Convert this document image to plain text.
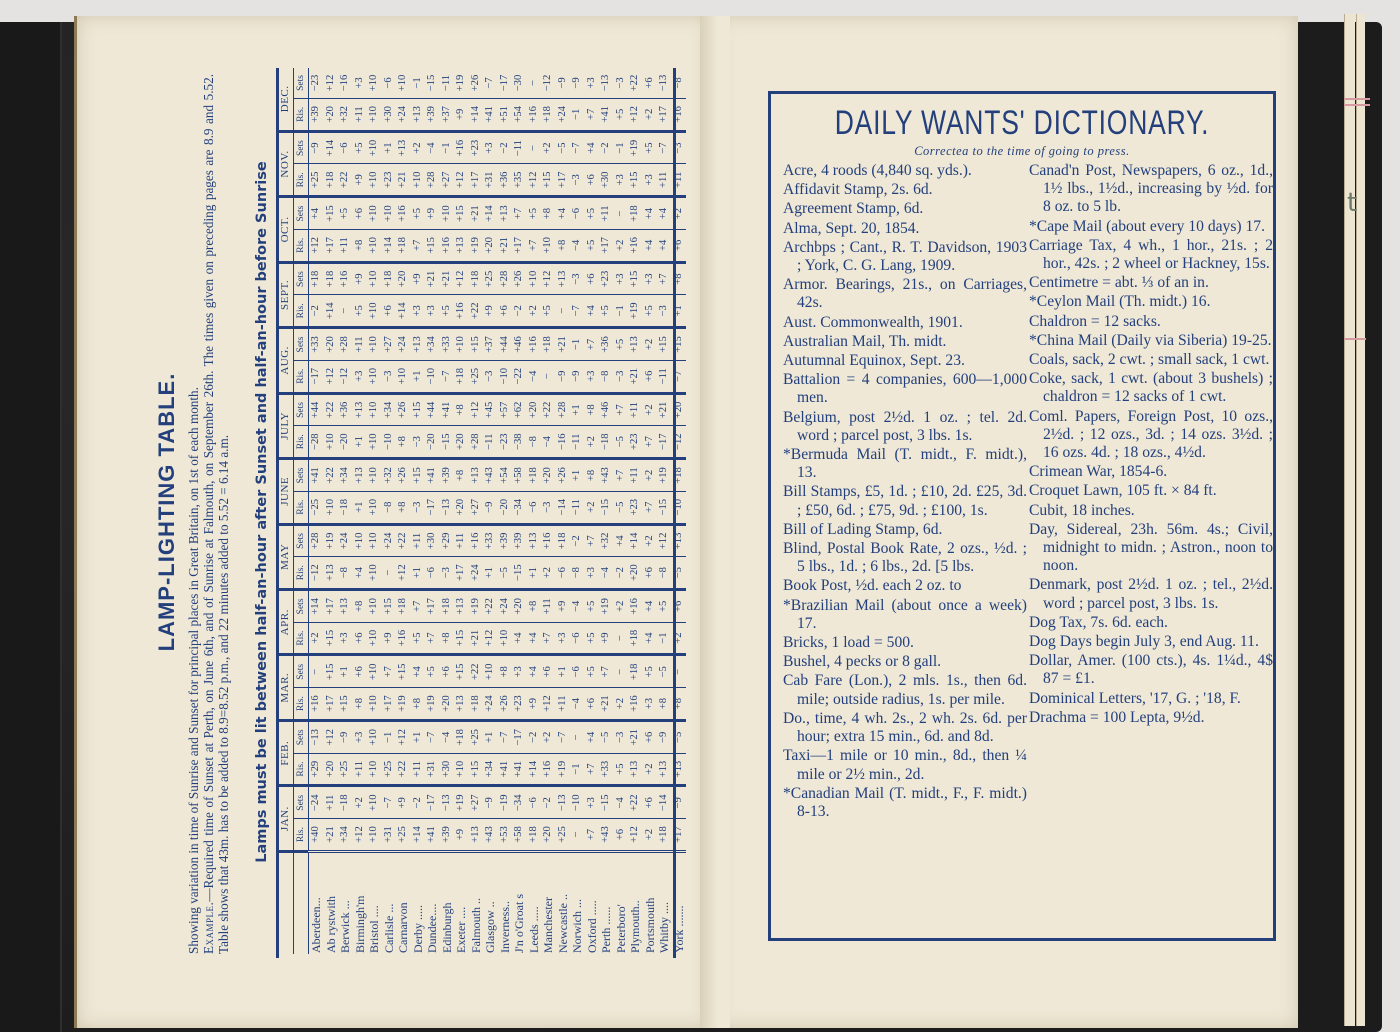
t
LAMP-LIGHTING TABLE. Showing variation in time of Sunrise and Sunset for principal places in Great Britain, on 1st of each month.
Example.—Required time of Sunset at Perth, on June 6th, and of Sunrise at Falmouth, on September 26th. The times given on preceding pages are 8.9 and 5.52. Table shows that 43m. has to be added to 8.9=8.52 p.m., and 22 minutes added to 5.52 = 6.14 a.m. Lamps must be lit between half-an-hour after Sunset and half-an-hour before Sunrise
	JAN.		FEB.		MAR.		APR.		MAY		JUNE		JULY		AUG.		SEPT.		OCT.		NOV.		DEC.	
	Ris.	Sets	Ris.	Sets	Ris.	Sets	Ris.	Sets	Ris.	Sets	Ris.	Sets	Ris.	Sets	Ris.	Sets	Ris.	Sets	Ris.	Sets	Ris.	Sets	Ris.	Sets
Aberdeen...	+40	−24	+29	−13	+16	−	+2	+14	−12	+28	−25	+41	−28	+44	−17	+33	−2	+18	+12	+4	+25	−9	+39	−23
Ab rystwith	+21	+11	+20	+12	+17	+15	+15	+17	+13	+19	+10	+22	+10	+22	+12	+20	+14	+18	+17	+15	+18	+14	+20	+12
Berwick ...	+34	−18	+25	−9	+15	+1	+3	+13	−8	+24	−18	+34	−20	+36	−12	+28	−	+16	+11	+5	+22	−6	+32	−16
Birmingh'm	+12	+2	+11	+3	+8	+6	+6	+8	+4	+10	+1	+13	+1	+13	+3	+11	+5	+9	+8	+6	+9	+5	+11	+3
Bristol ....	+10	+10	+10	+10	+10	+10	+10	+10	+10	+10	+10	+10	+10	+10	+10	+10	+10	+10	+10	+10	+10	+10	+10	+10
Carlisle ...	+31	−7	+25	−1	+17	+7	+9	+15	−	+24	−8	+32	−10	+34	−3	+27	+6	+18	+14	+10	+23	+1	+30	−6
Carnarvon	+25	+9	+22	+12	+19	+15	+16	+18	+12	+22	+8	+26	+8	+26	+10	+24	+14	+20	+18	+16	+21	+13	+24	+10
Derby .....	+14	−2	+11	+1	+8	+4	+5	+7	+1	+11	−3	+15	−3	+15	+1	+13	+3	+9	+7	+5	+10	+2	+13	−1
Dundee....	+41	−17	+31	−7	+19	+5	+7	+17	−6	+30	−17	+41	−20	+44	−10	+34	+3	+21	+15	+9	+28	−4	+39	−15
Edinburgh	+39	−13	+30	−4	+20	+6	+8	+18	−3	+29	−13	+39	−15	+41	−7	+33	+5	+21	+16	+10	+27	−1	+37	−11
Exeter ....	+9	+19	+10	+18	+13	+15	+15	+13	+17	+11	+20	+8	+20	+8	+18	+10	+16	+12	+13	+15	+12	+16	+9	+19
Falmouth ..	+13	+27	+15	+25	+18	+22	+21	+19	+24	+16	+27	+13	+28	+12	+25	+15	+22	+18	+19	+21	+17	+23	+14	+26
Glasgow ..	+43	−9	+34	+1	+24	+10	+12	+22	+1	+33	−9	+43	−11	+45	−3	+37	+9	+25	+20	+14	+31	+3	+41	−7
Inverness..	+53	−19	+41	−7	+26	+8	+10	+24	−5	+39	−20	+54	−23	+57	−10	+44	+6	+28	+21	+13	+36	−2	+51	−17
J'n o'Groat s	+58	−34	+41	−17	+23	+3	+4	+20	−15	+39	−34	+58	−38	+62	−22	+46	−2	+26	+17	+7	+35	−11	+54	−30
Leeds .....	+18	−6	+14	−2	+9	+4	+4	+8	+1	+13	−6	+18	−8	+20	−4	+16	+2	+10	+7	+5	+12	−	+16	−
Manchester	+20	−2	+16	+2	+12	+6	+7	+11	+2	+16	−3	+20	−4	+22	−	+18	+5	+12	+10	+8	+15	+2	+18	−12
Newcastle ..	+25	−13	+19	−7	+11	+1	+3	+9	−6	+18	−14	+26	−16	+28	−9	+21	−	+13	+8	+4	+17	−5	+24	−9
Norwich ...	−	−10	−1	−	−4	−6	−6	−4	−8	−2	−11	+1	−11	+1	−9	−1	−7	−3	−4	−6	−3	−7	−1	−9
Oxford .....	+7	+3	+7	+4	+6	+5	+5	+5	+3	+7	+2	+8	+2	+8	+3	+7	+4	+6	+5	+5	+6	+4	+7	+3
Perth ......	+43	−15	+33	−5	+21	+7	+9	+19	−4	+32	−15	+43	−18	+46	−8	+36	+5	+23	+17	+11	+30	−2	+41	−13
Peterboro'	+6	−4	+5	−3	+2	−	−	+2	−2	+4	−5	+7	−5	+7	−3	+5	−1	+3	+2	−	+3	−1	+5	−3
Plymouth..	+12	+22	+13	+21	+16	+18	+18	+16	+20	+14	+23	+11	+23	+11	+21	+13	+19	+15	+16	+18	+15	+19	+12	+22
Portsmouth	+2	+6	+2	+6	+3	+5	+4	+4	+6	+2	+7	+2	+7	+2	+6	+2	+5	+3	+4	+4	+3	+5	+2	+6
Whitby ....	+18	−14	+13	−9	+8	−5	−1	+5	−8	+12	−15	+19	−17	+21	−11	+15	−3	+7	+4	+4	+11	−7	+17	−13
York .......	+17	−9	+13	−5	+8	−	+2	+6	−5	+13	−10	+18	−12	+20	−7	+15	+1	+8	+6	+2	+11	−3	+16	−8
DAILY WANTS' DICTIONARY.
Correctea to the time of going to press.
Acre, 4 roods (4,840 sq. yds.).
Affidavit Stamp, 2s. 6d.
Agreement Stamp, 6d.
Alma, Sept. 20, 1854.
Archbps ; Cant., R. T. Davidson, 1903 ; York, C. G. Lang, 1909.
Armor. Bearings, 21s., on Carriages, 42s.
Aust. Commonwealth, 1901.
Australian Mail, Th. midt.
Autumnal Equinox, Sept. 23.
Battalion = 4 companies, 600—1,000 men.
Belgium, post 2½d. 1 oz. ; tel. 2d. word ; parcel post, 3 lbs. 1s.
*Bermuda Mail (T. midt., F. midt.), 13.
Bill Stamps, £5, 1d. ; £10, 2d. £25, 3d. ; £50, 6d. ; £75, 9d. ; £100, 1s.
Bill of Lading Stamp, 6d.
Blind, Postal Book Rate, 2 ozs., ½d. ; 5 lbs., 1d. ; 6 lbs., 2d. [5 lbs.
Book Post, ½d. each 2 oz. to
*Brazilian Mail (about once a week) 17.
Bricks, 1 load = 500.
Bushel, 4 pecks or 8 gall.
Cab Fare (Lon.), 2 mls. 1s., then 6d. mile; outside radius, 1s. per mile.
Do., time, 4 wh. 2s., 2 wh. 2s. 6d. per hour; extra 15 min., 6d. and 8d.
Taxi—1 mile or 10 min., 8d., then ¼ mile or 2½ min., 2d.
*Canadian Mail (T. midt., F., F. midt.) 8-13.
Canad'n Post, Newspapers, 6 oz., 1d., 1½ lbs., 1½d., increasing by ½d. for 8 oz. to 5 lb.
*Cape Mail (about every 10 days) 17.
Carriage Tax, 4 wh., 1 hor., 21s. ; 2 hor., 42s. ; 2 wheel or Hackney, 15s.
Centimetre = abt. ⅓ of an in.
*Ceylon Mail (Th. midt.) 16.
Chaldron = 12 sacks.
*China Mail (Daily via Siberia) 19-25.
Coals, sack, 2 cwt. ; small sack, 1 cwt.
Coke, sack, 1 cwt. (about 3 bushels) ; chaldron = 12 sacks of 1 cwt.
Coml. Papers, Foreign Post, 10 ozs., 2½d. ; 12 ozs., 3d. ; 14 ozs. 3½d. ; 16 ozs. 4d. ; 18 ozs., 4½d.
Crimean War, 1854-6.
Croquet Lawn, 105 ft. × 84 ft.
Cubit, 18 inches.
Day, Sidereal, 23h. 56m. 4s.; Civil, midnight to midn. ; Astron., noon to noon.
Denmark, post 2½d. 1 oz. ; tel., 2½d. word ; parcel post, 3 lbs. 1s.
Dog Tax, 7s. 6d. each.
Dog Days begin July 3, end Aug. 11.
Dollar, Amer. (100 cts.), 4s. 1¼d., 4$ 87 = £1.
Dominical Letters, '17, G. ; '18, F.
Drachma = 100 Lepta, 9½d.
